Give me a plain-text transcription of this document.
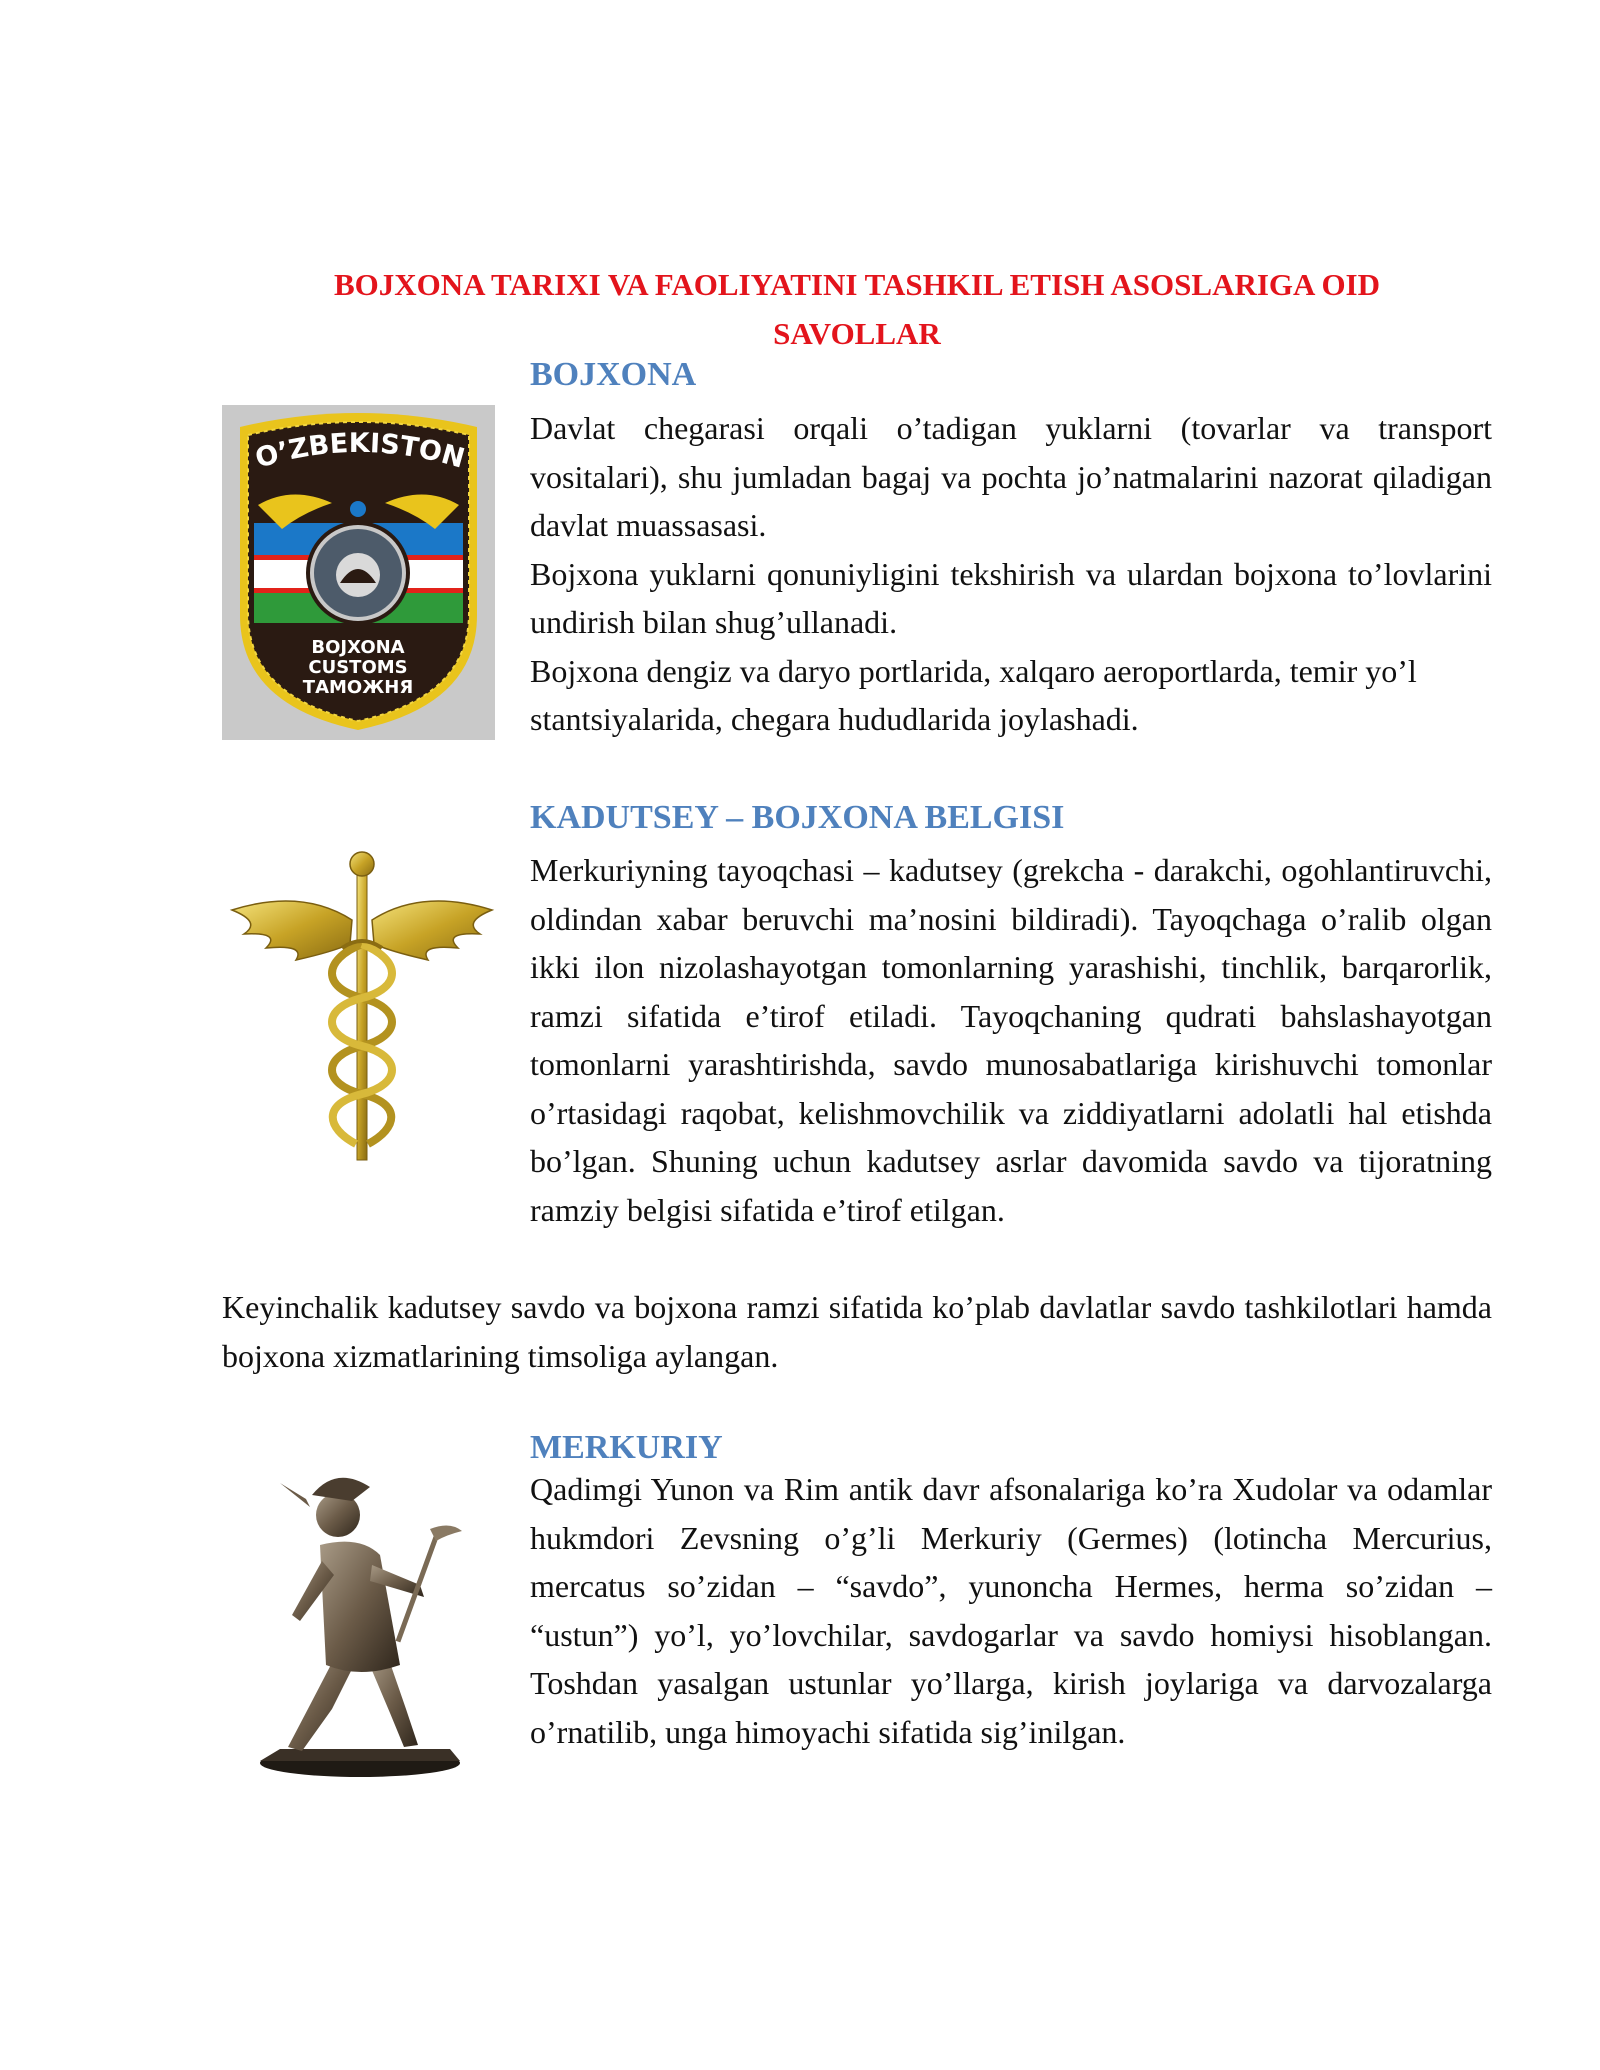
BOJXONA TARIXI VA FAOLIYATINI TASHKIL ETISH ASOSLARIGA OID
SAVOLLAR
BOJXONA
O’ZBEKISTON
BOJXONA
CUSTOMS
ТАМОЖНЯ

Davlat chegarasi orqali o’tadigan yuklarni (tovarlar va transport vositalari), shu jumladan bagaj va pochta jo’natmalarini nazorat qiladigan davlat muassasasi.

Bojxona yuklarni qonuniyligini tekshirish va ulardan bojxona to’lovlarini undirish bilan shug’ullanadi.

Bojxona dengiz va daryo portlarida, xalqaro aeroportlarda, temir yo’l stantsiyalarida, chegara hududlarida joylashadi.

KADUTSEY – BOJXONA BELGISI

Merkuriyning tayoqchasi – kadutsey (grekcha - darakchi, ogohlantiruvchi, oldindan xabar beruvchi ma’nosini bildiradi). Tayoqchaga o’ralib olgan ikki ilon nizolashayotgan tomonlarning yarashishi, tinchlik, barqarorlik, ramzi sifatida e’tirof etiladi. Tayoqchaning qudrati bahslashayotgan tomonlarni yarashtirishda, savdo munosabatlariga kirishuvchi tomonlar o’rtasidagi raqobat, kelishmovchilik va ziddiyatlarni adolatli hal etishda bo’lgan. Shuning uchun kadutsey asrlar davomida savdo va tijoratning ramziy belgisi sifatida e’tirof etilgan.

Keyinchalik kadutsey savdo va bojxona ramzi sifatida ko’plab davlatlar savdo tashkilotlari hamda bojxona xizmatlarining timsoliga aylangan.

MERKURIY

Qadimgi Yunon va Rim antik davr afsonalariga ko’ra Xudolar va odamlar hukmdori Zevsning o’g’li Merkuriy (Germes) (lotincha Mercurius, mercatus so’zidan – “savdo”, yunoncha Hermes, herma so’zidan – “ustun”) yo’l, yo’lovchilar, savdogarlar va savdo homiysi hisoblangan. Toshdan yasalgan ustunlar yo’llarga, kirish joylariga va darvozalarga o’rnatilib, unga himoyachi sifatida sig’inilgan.
